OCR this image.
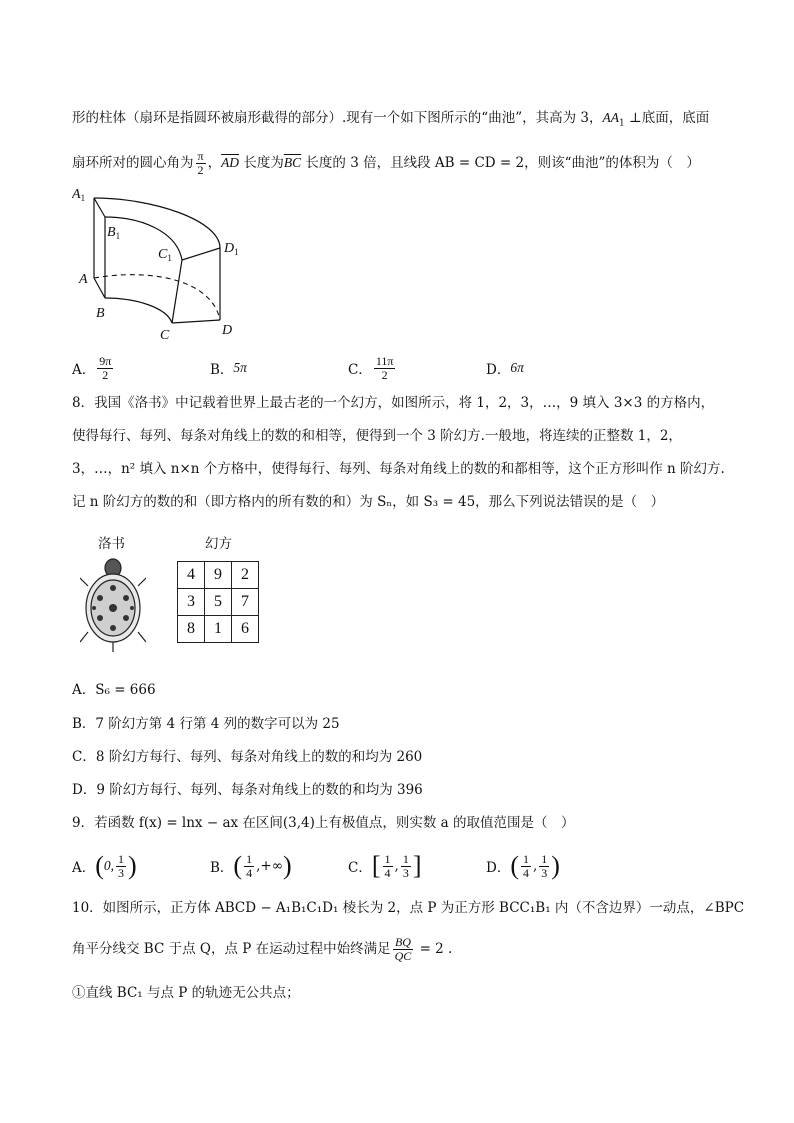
形的柱体（扇环是指圆环被扇形截得的部分）.现有一个如下图所示的“曲池”，其高为 3，$AA_1$ ⊥底面，底面
扇环所对的圆心角为 $\frac{\pi}{2}$ ，$\overline{AD}$ 长度为$\overline{BC}$ 长度的 3 倍，且线段 AB = CD = 2，则该“曲池”的体积为（　）
$A_1$
$B_1$
$C_1$
$D_1$
A
B
C	D
A． $\frac{9\pi}{2}$	B． 5π	C． $\frac{11\pi}{2}$	D． 6π
8．我国《洛书》中记载着世界上最古老的一个幻方，如图所示，将 1，2，3，…，9 填入 3×3 的方格内，
使得每行、每列、每条对角线上的数的和相等，便得到一个 3 阶幻方.一般地，将连续的正整数 1，2，
3，…，n² 填入 n×n 个方格中，使得每行、每列、每条对角线上的数的和都相等，这个正方形叫作 n 阶幻方.
记 n 阶幻方的数的和（即方格内的所有数的和）为 Sₙ，如 S₃ = 45，那么下列说法错误的是（　）
洛书	幻方
4	9	2
3	5	7
8	1	6
A．S₆ = 666
B．7 阶幻方第 4 行第 4 列的数字可以为 25
C．8 阶幻方每行、每列、每条对角线上的数的和均为 260
D．9 阶幻方每行、每列、每条对角线上的数的和均为 396
9．若函数 f(x) = lnx − ax 在区间(3,4)上有极值点，则实数 a 的取值范围是（　）
A． ( 0, $\frac{1}{3}$ )	B． ( $\frac{1}{4}$ ,+∞ )	C． [ $\frac{1}{4}$ , $\frac{1}{3}$ ]	D． ( $\frac{1}{4}$ , $\frac{1}{3}$ )
10．如图所示，正方体 ABCD − A₁B₁C₁D₁ 棱长为 2，点 P 为正方形 BCC₁B₁ 内（不含边界）一动点，∠BPC
角平分线交 BC 于点 Q，点 P 在运动过程中始终满足 $\frac{BQ}{QC} = 2$ .
①直线 BC₁ 与点 P 的轨迹无公共点；
